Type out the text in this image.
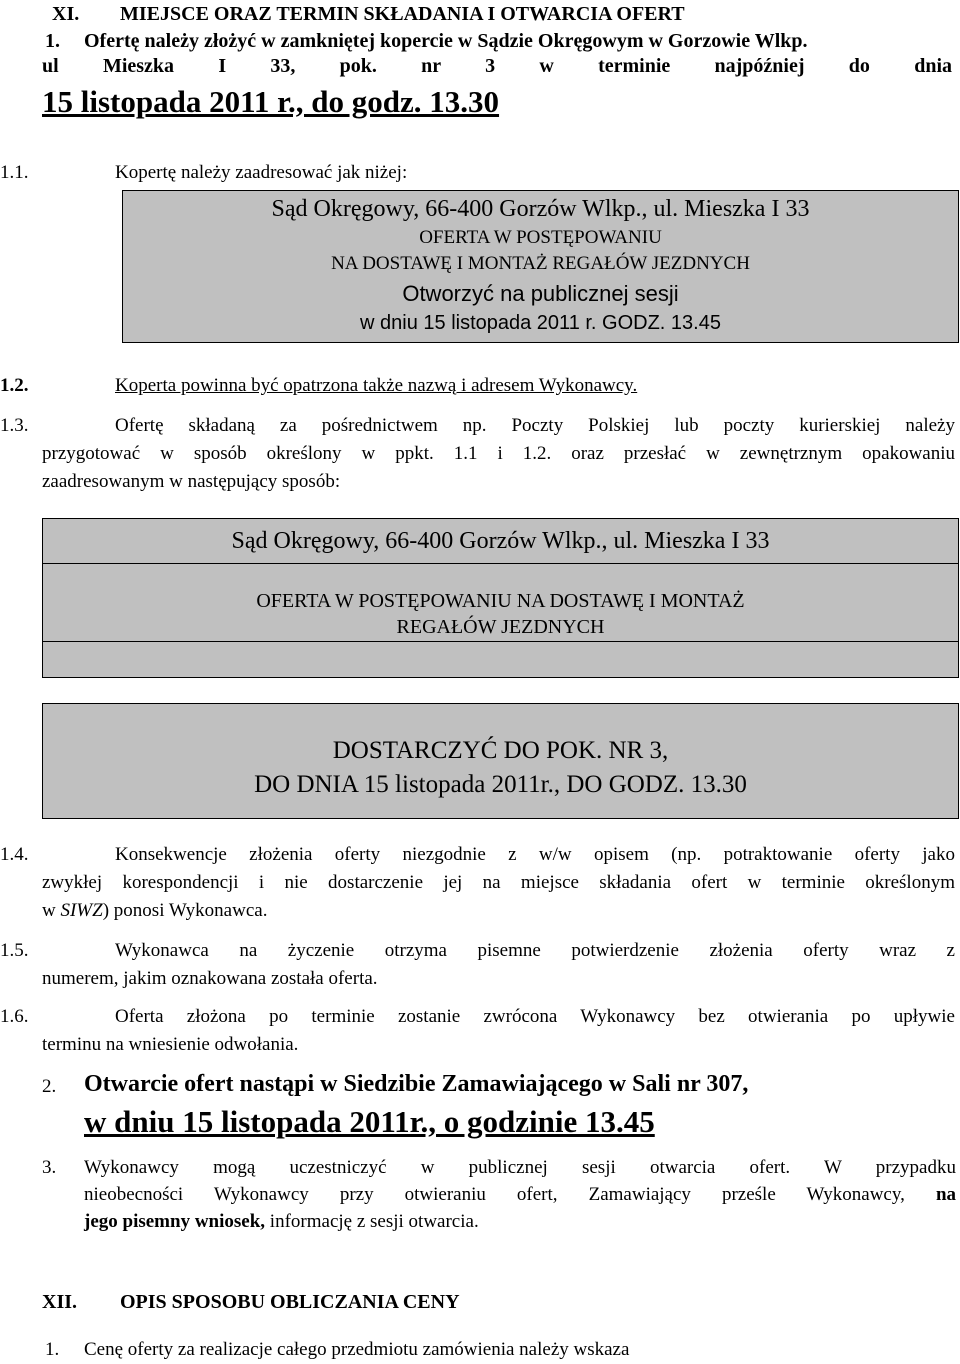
XI. MIEJSCE ORAZ TERMIN SKŁADANIA I OTWARCIA OFERT
1. Ofertę należy złożyć w zamkniętej kopercie w Sądzie Okręgowym w Gorzowie Wlkp.
ul Mieszka I 33, pok. nr 3 w terminie najpóźniej do dnia
15 listopada 2011 r., do godz. 13.30
1.1.	Kopertę należy zaadresować jak niżej:
Sąd Okręgowy, 66-400 Gorzów Wlkp., ul. Mieszka I 33
OFERTA W POSTĘPOWANIU
NA DOSTAWĘ I MONTAŻ REGAŁÓW JEZDNYCH
Otworzyć na publicznej sesji
w dniu 15 listopada 2011 r. GODZ. 13.45
1.2.	Koperta powinna być opatrzona także nazwą i adresem Wykonawcy.
1.3.	Ofertę składaną za pośrednictwem np. Poczty Polskiej lub poczty kurierskiej należy
przygotować w sposób określony w ppkt. 1.1 i 1.2. oraz przesłać w zewnętrznym opakowaniu
zaadresowanym w następujący sposób:
Sąd Okręgowy, 66-400 Gorzów Wlkp., ul. Mieszka I 33
OFERTA W POSTĘPOWANIU NA DOSTAWĘ I MONTAŻ
REGAŁÓW JEZDNYCH
DOSTARCZYĆ DO POK. NR 3,
DO DNIA 15 listopada 2011r., DO GODZ. 13.30
1.4.	Konsekwencje złożenia oferty niezgodnie z w/w opisem (np. potraktowanie oferty jako
zwykłej korespondencji i nie dostarczenie jej na miejsce składania ofert w terminie określonym
w SIWZ) ponosi Wykonawca.
1.5.	Wykonawca na życzenie otrzyma pisemne potwierdzenie złożenia oferty wraz z
numerem, jakim oznakowana została oferta.
1.6.	Oferta złożona po terminie zostanie zwrócona Wykonawcy bez otwierania po upływie
terminu na wniesienie odwołania.
2. Otwarcie ofert nastąpi w Siedzibie Zamawiającego w Sali nr 307,
w dniu 15 listopada 2011r., o godzinie 13.45
3. Wykonawcy mogą uczestniczyć w publicznej sesji otwarcia ofert. W przypadku
nieobecności Wykonawcy przy otwieraniu ofert, Zamawiający prześle Wykonawcy, na
jego pisemny wniosek, informację z sesji otwarcia.
XII. OPIS SPOSOBU OBLICZANIA CENY
1. Cenę oferty za realizacje całego przedmiotu zamówienia należy wskaza
